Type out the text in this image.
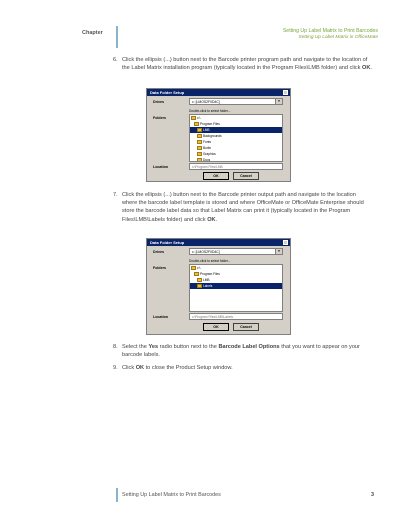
Chapter	Setting Up Label Matrix to Print Barcodes
Setting Up Label Matrix in OfficeMate
6. Click the ellipsis (...) button next to the Barcode printer program path and navigate to the location of the Label Matrix installation program (typically located in the Program Files\LMB folder) and click OK.
Data Folder Setup
Drives	c: [LMOS2F0D4C]	▼
Double-click to select folder...
Folders	c:\
Program Files
LMB
Backgrounds
Fonts
Burlin
Graphics
Docs
Location	c:\Program Files\LMB
OK	Cancel
7. Click the ellipsis (...) button next to the Barcode printer output path and navigate to the location where the barcode label template is stored and where OfficeMate or OfficeMate Enterprise should store the barcode label data so that Label Matrix can print it (typically located in the Program Files\LMB\Labels folder) and click OK.
Data Folder Setup
Drives	c: [LMOS2F0D4C]	▼
Double-click to select folder...
Folders	c:\
Program Files
LMB
Labels
Location	c:\Program Files\LMB\Labels
OK	Cancel
8. Select the Yes radio button next to the Barcode Label Options that you want to appear on your barcode labels.
9. Click OK to close the Product Setup window.
Setting Up Label Matrix to Print Barcodes	3
